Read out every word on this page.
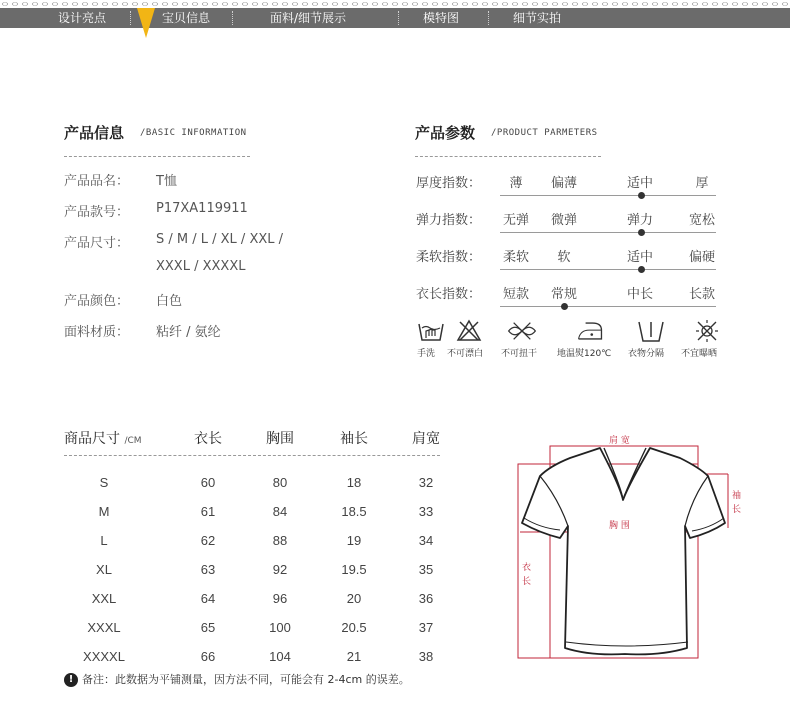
设计亮点	宝贝信息	面料/细节展示	模特图	细节实拍
产品信息 /BASIC INFORMATION
产品品名： T恤
产品款号： P17XA119911
产品尺寸： S / M / L / XL / XXL /
XXXL / XXXXL
产品颜色： 白色
面料材质： 粘纤 / 氨纶
产品参数 /PRODUCT PARMETERS
厚度指数：	薄	偏薄	适中	厚
弹力指数：	无弹	微弹	弹力	宽松
柔软指数：	柔软	软	适中	偏硬
衣长指数：	短款	常规	中长	长款
手洗 不可漂白 不可扭干 地温熨120℃ 衣物分隔 不宜曝晒
商品尺寸 /CM	衣长	胸围	袖长	肩宽
S	60	80	18	32
M	61	84	18.5	33
L	62	88	19	34
XL	63	92	19.5	35
XXL	64	96	20	36
XXXL	65	100	20.5	37
XXXXL	66	104	21	38
! 备注：此数据为平铺测量，因方法不同，可能会有 2-4cm 的误差。
肩 宽
胸 围
袖
长
衣
长
